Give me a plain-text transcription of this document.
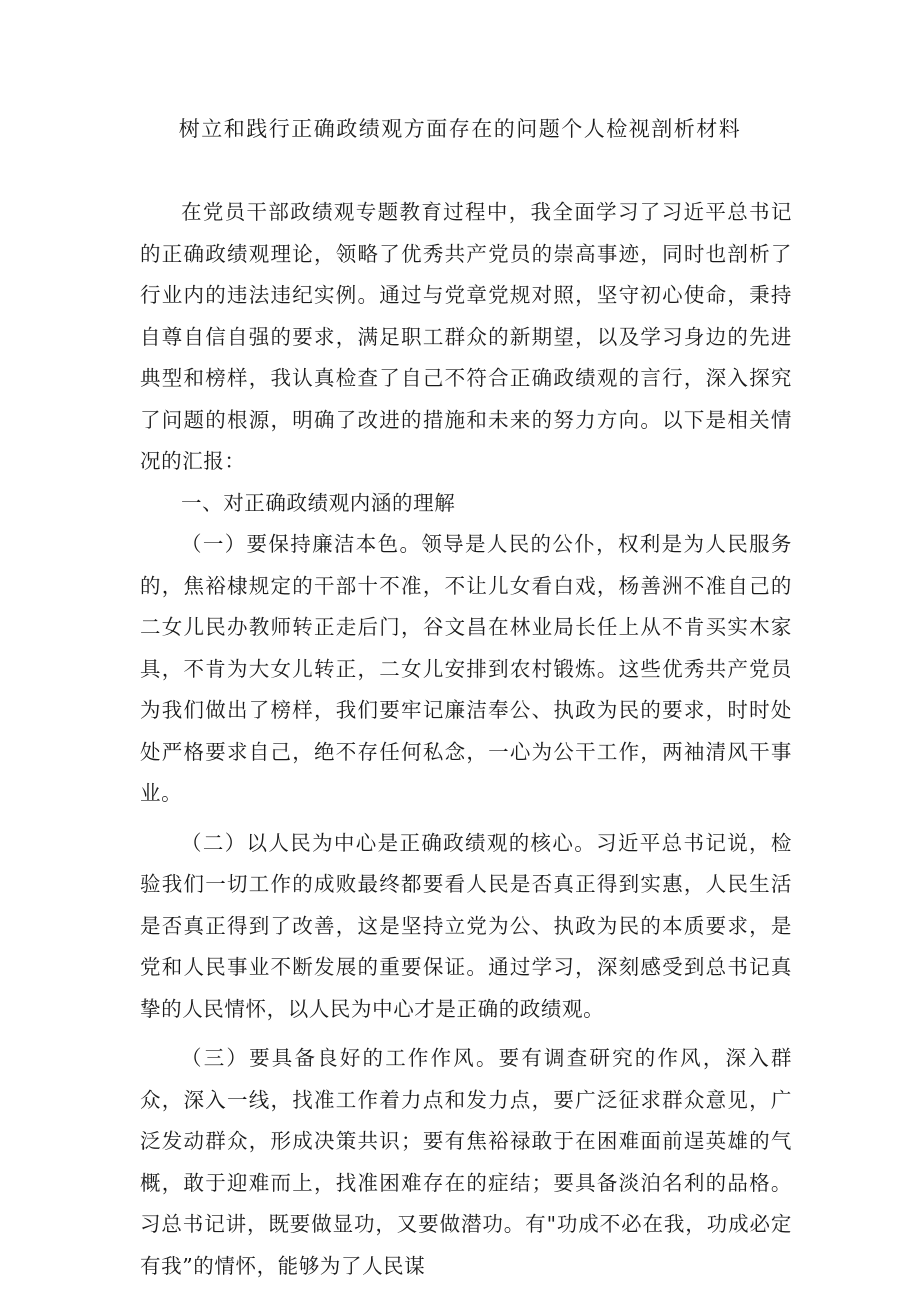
树立和践行正确政绩观方面存在的问题个人检视剖析材料

在党员干部政绩观专题教育过程中，我全面学习了习近平总书记的正确政绩观理论，领略了优秀共产党员的崇高事迹，同时也剖析了行业内的违法违纪实例。通过与党章党规对照，坚守初心使命，秉持自尊自信自强的要求，满足职工群众的新期望，以及学习身边的先进典型和榜样，我认真检查了自己不符合正确政绩观的言行，深入探究了问题的根源，明确了改进的措施和未来的努力方向。以下是相关情况的汇报：

一、对正确政绩观内涵的理解

（一）要保持廉洁本色。领导是人民的公仆，权利是为人民服务的，焦裕棣规定的干部十不准，不让儿女看白戏，杨善洲不准自己的二女儿民办教师转正走后门，谷文昌在林业局长任上从不肯买实木家具，不肯为大女儿转正，二女儿安排到农村锻炼。这些优秀共产党员为我们做出了榜样，我们要牢记廉洁奉公、执政为民的要求，时时处处严格要求自己，绝不存任何私念，一心为公干工作，两袖清风干事业。

（二）以人民为中心是正确政绩观的核心。习近平总书记说，检验我们一切工作的成败最终都要看人民是否真正得到实惠，人民生活是否真正得到了改善，这是坚持立党为公、执政为民的本质要求，是党和人民事业不断发展的重要保证。通过学习，深刻感受到总书记真挚的人民情怀，以人民为中心才是正确的政绩观。

（三）要具备良好的工作作风。要有调查研究的作风，深入群众，深入一线，找准工作着力点和发力点，要广泛征求群众意见，广泛发动群众，形成决策共识；要有焦裕禄敢于在困难面前逞英雄的气概，敢于迎难而上，找准困难存在的症结；要具备淡泊名利的品格。习总书记讲，既要做显功，又要做潜功。有"功成不必在我，功成必定有我”的情怀，能够为了人民谋
